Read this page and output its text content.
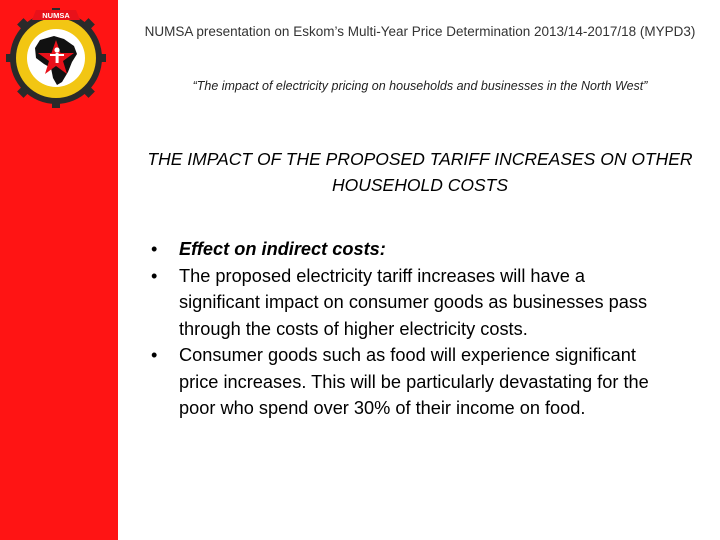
NUMSA
NUMSA presentation on Eskom’s Multi-Year Price Determination 2013/14-2017/18 (MYPD3)
“The impact of electricity pricing on households and businesses in the North West”
THE IMPACT OF THE PROPOSED TARIFF INCREASES ON OTHER HOUSEHOLD COSTS
• Effect on indirect costs:
• The proposed electricity tariff increases will have a significant impact on consumer goods as businesses pass through the costs of higher electricity costs.
• Consumer goods such as food will experience significant price increases. This will be particularly devastating for the poor who spend over 30% of their income on food.
